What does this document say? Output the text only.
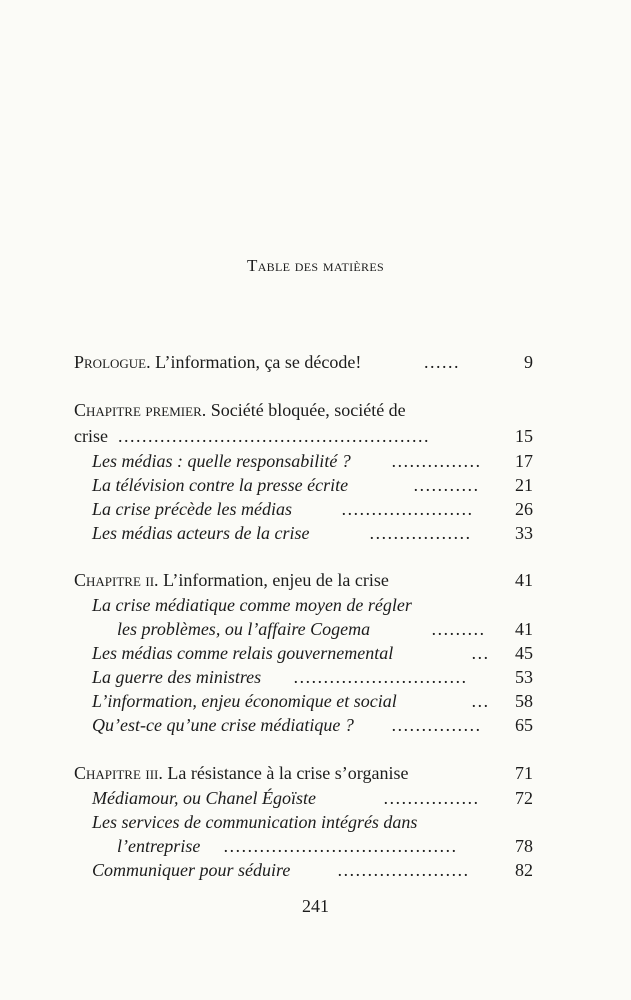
Table des matières
Prologue. L’information, ça se décode!	......	9
Chapitre premier. Société bloquée, société de
crise ....................................................	15
Les médias : quelle responsabilité ? ...............	17
La télévision contre la presse écrite	...........	21
La crise précède les médias	......................	26
Les médias acteurs de la crise	.................	33
Chapitre ii. L’information, enjeu de la crise	41
La crise médiatique comme moyen de régler
les problèmes, ou l’affaire Cogema	.........	41
Les médias comme relais gouvernemental	...	45
La guerre des ministres .............................	53
L’information, enjeu économique et social	...	58
Qu’est-ce qu’une crise médiatique ? ...............	65
Chapitre iii. La résistance à la crise s’organise	71
Médiamour, ou Chanel Égoïste	................	72
Les services de communication intégrés dans
l’entreprise .......................................	78
Communiquer pour séduire	......................	82
241
